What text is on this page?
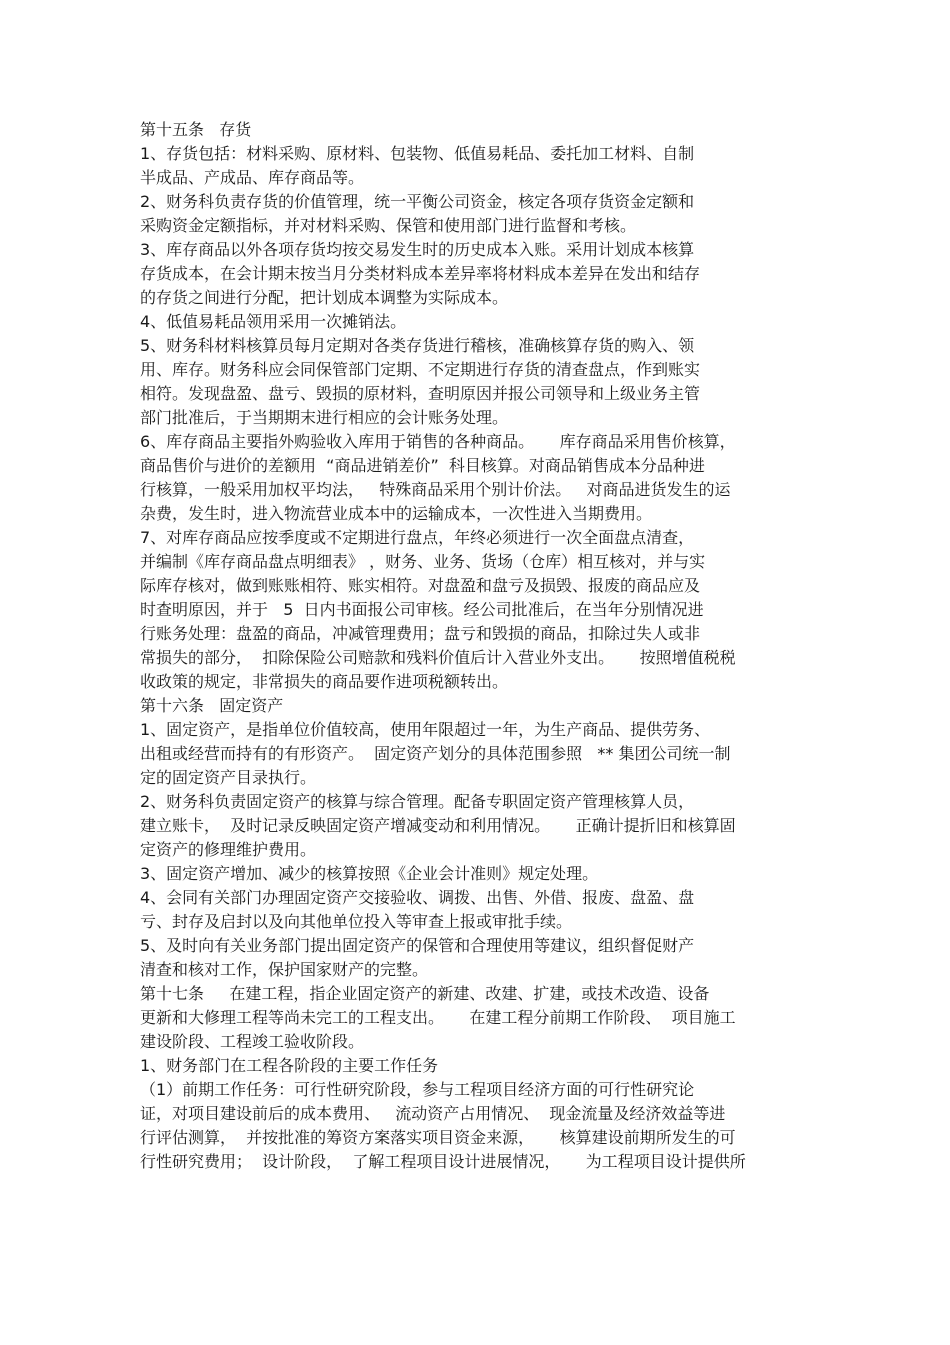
第十五条   存货
1、存货包括：材料采购、原材料、包装物、低值易耗品、委托加工材料、自制
半成品、产成品、库存商品等。
2、财务科负责存货的价值管理，统一平衡公司资金，核定各项存货资金定额和
采购资金定额指标，并对材料采购、保管和使用部门进行监督和考核。
3、库存商品以外各项存货均按交易发生时的历史成本入账。采用计划成本核算
存货成本，在会计期末按当月分类材料成本差异率将材料成本差异在发出和结存
的存货之间进行分配，把计划成本调整为实际成本。
4、低值易耗品领用采用一次摊销法。
5、财务科材料核算员每月定期对各类存货进行稽核，准确核算存货的购入、领
用、库存。财务科应会同保管部门定期、不定期进行存货的清查盘点，作到账实
相符。发现盘盈、盘亏、毁损的原材料，查明原因并报公司领导和上级业务主管
部门批准后，于当期期末进行相应的会计账务处理。
6、库存商品主要指外购验收入库用于销售的各种商品。     库存商品采用售价核算，
商品售价与进价的差额用  “商品进销差价”  科目核算。对商品销售成本分品种进
行核算，一般采用加权平均法，   特殊商品采用个别计价法。   对商品进货发生的运
杂费，发生时，进入物流营业成本中的运输成本，一次性进入当期费用。
7、对库存商品应按季度或不定期进行盘点，年终必须进行一次全面盘点清查，
并编制《库存商品盘点明细表》 ，财务、业务、货场（仓库）相互核对，并与实
际库存核对，做到账账相符、账实相符。对盘盈和盘亏及损毁、报废的商品应及
时查明原因，并于   5  日内书面报公司审核。经公司批准后，在当年分别情况进
行账务处理：盘盈的商品，冲减管理费用；盘亏和毁损的商品，扣除过失人或非
常损失的部分，  扣除保险公司赔款和残料价值后计入营业外支出。     按照增值税税
收政策的规定，非常损失的商品要作进项税额转出。
第十六条   固定资产
1、固定资产，是指单位价值较高，使用年限超过一年，为生产商品、提供劳务、
出租或经营而持有的有形资产。  固定资产划分的具体范围参照   ** 集团公司统一制
定的固定资产目录执行。
2、财务科负责固定资产的核算与综合管理。配备专职固定资产管理核算人员，
建立账卡，  及时记录反映固定资产增减变动和利用情况。     正确计提折旧和核算固
定资产的修理维护费用。
3、固定资产增加、减少的核算按照《企业会计准则》规定处理。
4、会同有关部门办理固定资产交接验收、调拨、出售、外借、报废、盘盈、盘
亏、封存及启封以及向其他单位投入等审查上报或审批手续。
5、及时向有关业务部门提出固定资产的保管和合理使用等建议，组织督促财产
清查和核对工作，保护国家财产的完整。
第十七条     在建工程，指企业固定资产的新建、改建、扩建，或技术改造、设备
更新和大修理工程等尚未完工的工程支出。     在建工程分前期工作阶段、  项目施工
建设阶段、工程竣工验收阶段。
1、财务部门在工程各阶段的主要工作任务
（1）前期工作任务：可行性研究阶段，参与工程项目经济方面的可行性研究论
证，对项目建设前后的成本费用、   流动资产占用情况、  现金流量及经济效益等进
行评估测算，  并按批准的筹资方案落实项目资金来源，     核算建设前期所发生的可
行性研究费用；  设计阶段，  了解工程项目设计进展情况，     为工程项目设计提供所
